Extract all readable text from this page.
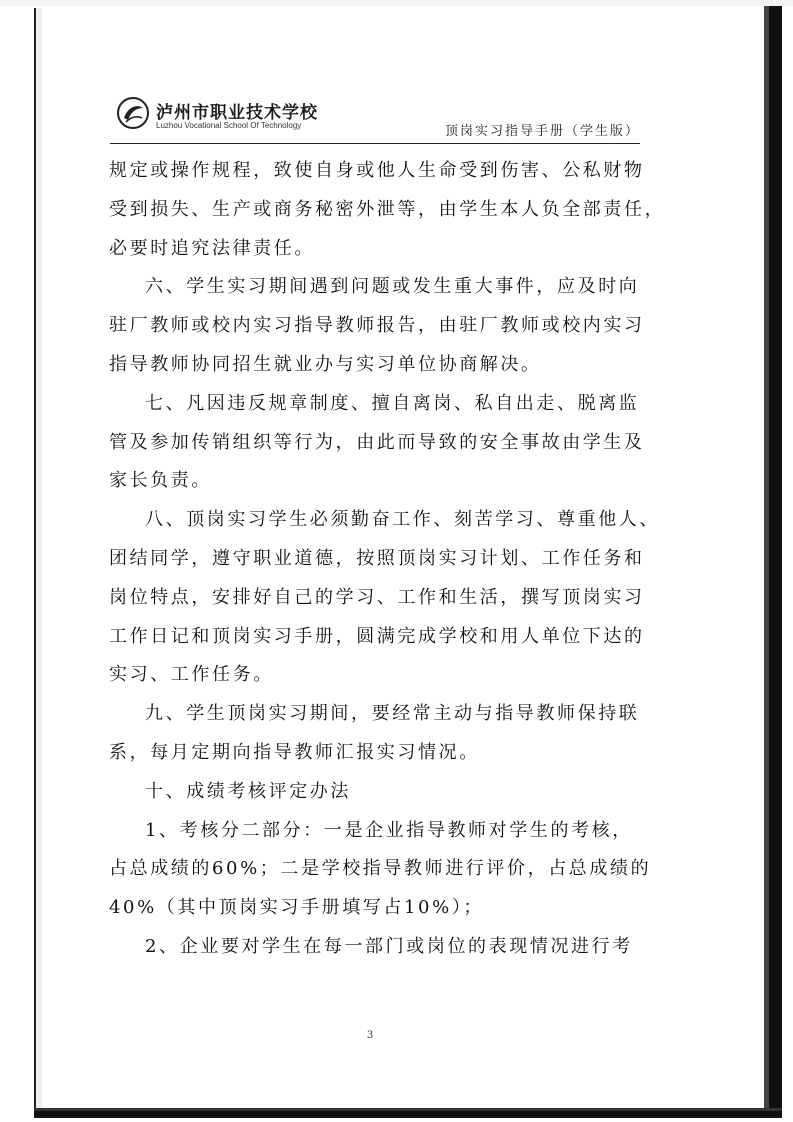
泸州市职业技术学校
Luzhou Vocational School Of Technology	顶岗实习指导手册（学生版）
规定或操作规程，致使自身或他人生命受到伤害、公私财物
受到损失、生产或商务秘密外泄等，由学生本人负全部责任，
必要时追究法律责任。
六、学生实习期间遇到问题或发生重大事件，应及时向
驻厂教师或校内实习指导教师报告，由驻厂教师或校内实习
指导教师协同招生就业办与实习单位协商解决。
七、凡因违反规章制度、擅自离岗、私自出走、脱离监
管及参加传销组织等行为，由此而导致的安全事故由学生及
家长负责。
八、顶岗实习学生必须勤奋工作、刻苦学习、尊重他人、
团结同学，遵守职业道德，按照顶岗实习计划、工作任务和
岗位特点，安排好自己的学习、工作和生活，撰写顶岗实习
工作日记和顶岗实习手册，圆满完成学校和用人单位下达的
实习、工作任务。
九、学生顶岗实习期间，要经常主动与指导教师保持联
系，每月定期向指导教师汇报实习情况。
十、成绩考核评定办法
1、考核分二部分：一是企业指导教师对学生的考核，
占总成绩的60%；二是学校指导教师进行评价，占总成绩的
40%（其中顶岗实习手册填写占10%）；
2、企业要对学生在每一部门或岗位的表现情况进行考
3
